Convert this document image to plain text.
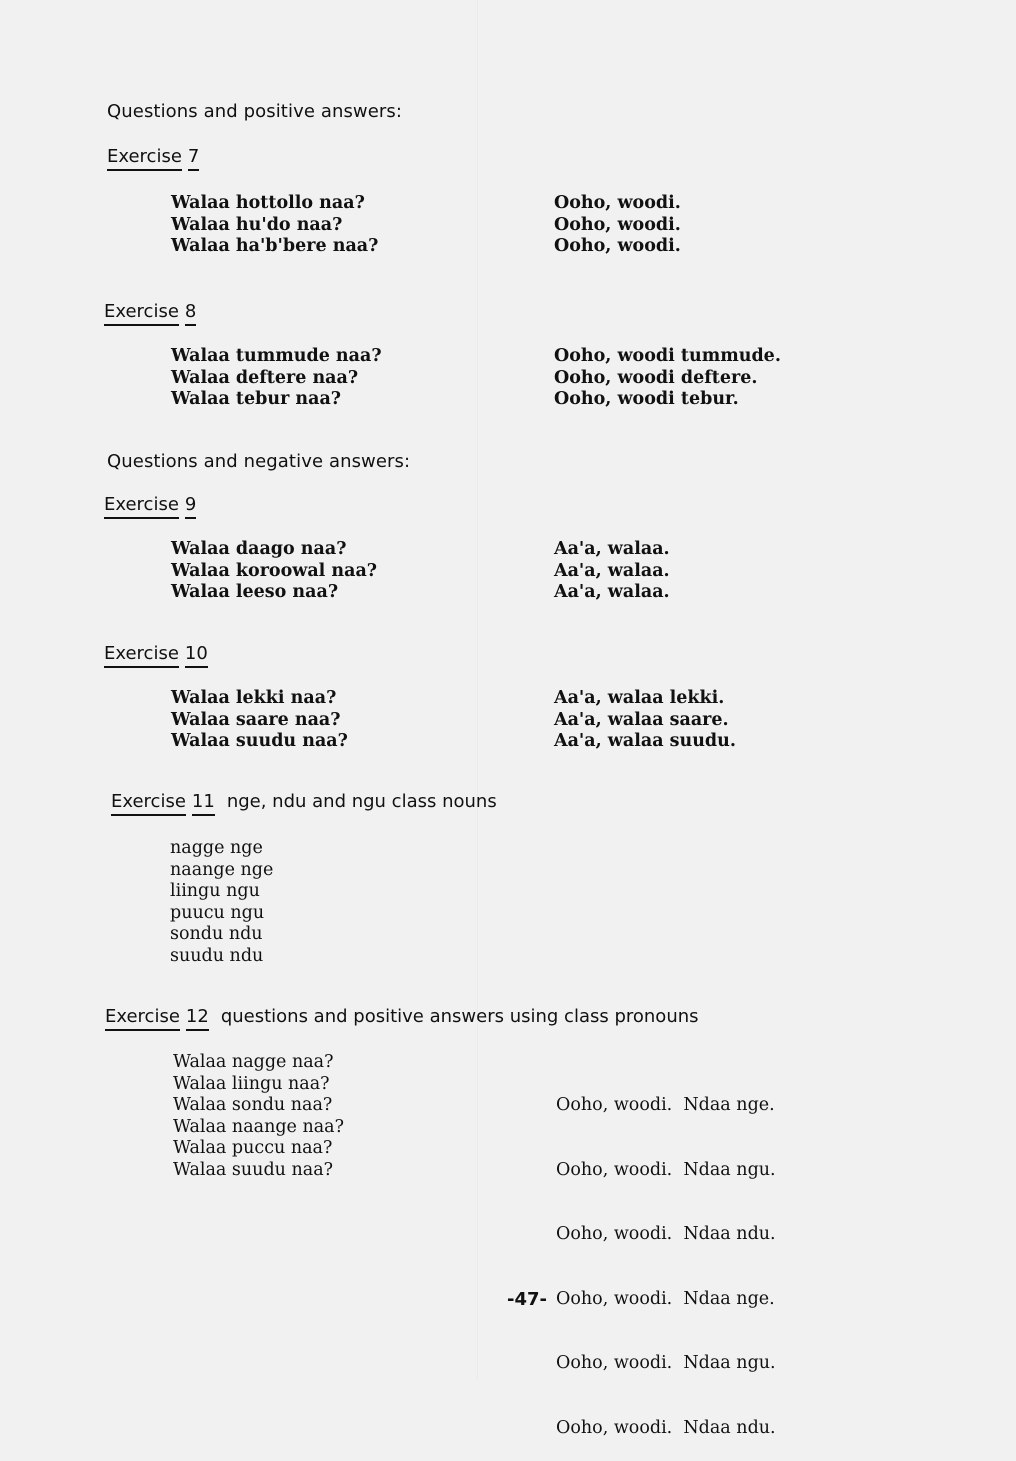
Questions and positive answers:
Exercise 7
Walaa hottollo naa?
Walaa hu'do naa?
Walaa ha'b'bere naa?
Ooho, woodi.
Ooho, woodi.
Ooho, woodi.
Exercise 8
Walaa tummude naa?
Walaa deftere naa?
Walaa tebur naa?
Ooho, woodi tummude.
Ooho, woodi deftere.
Ooho, woodi tebur.
Questions and negative answers:
Exercise 9
Walaa daago naa?
Walaa koroowal naa?
Walaa leeso naa?
Aa'a, walaa.
Aa'a, walaa.
Aa'a, walaa.
Exercise 10
Walaa lekki naa?
Walaa saare naa?
Walaa suudu naa?
Aa'a, walaa lekki.
Aa'a, walaa saare.
Aa'a, walaa suudu.
Exercise 11 nge, ndu and ngu class nouns
nagge nge
naange nge
liingu ngu
puucu ngu
sondu ndu
suudu ndu
Exercise 12 questions and positive answers using class pronouns
Walaa nagge naa?
Walaa liingu naa?
Walaa sondu naa?
Walaa naange naa?
Walaa puccu naa?
Walaa suudu naa?

Ooho, woodi.  Ndaa nge.

Ooho, woodi.  Ndaa ngu.

Ooho, woodi.  Ndaa ndu.

Ooho, woodi.  Ndaa nge.

Ooho, woodi.  Ndaa ngu.

Ooho, woodi.  Ndaa ndu.

-47-
